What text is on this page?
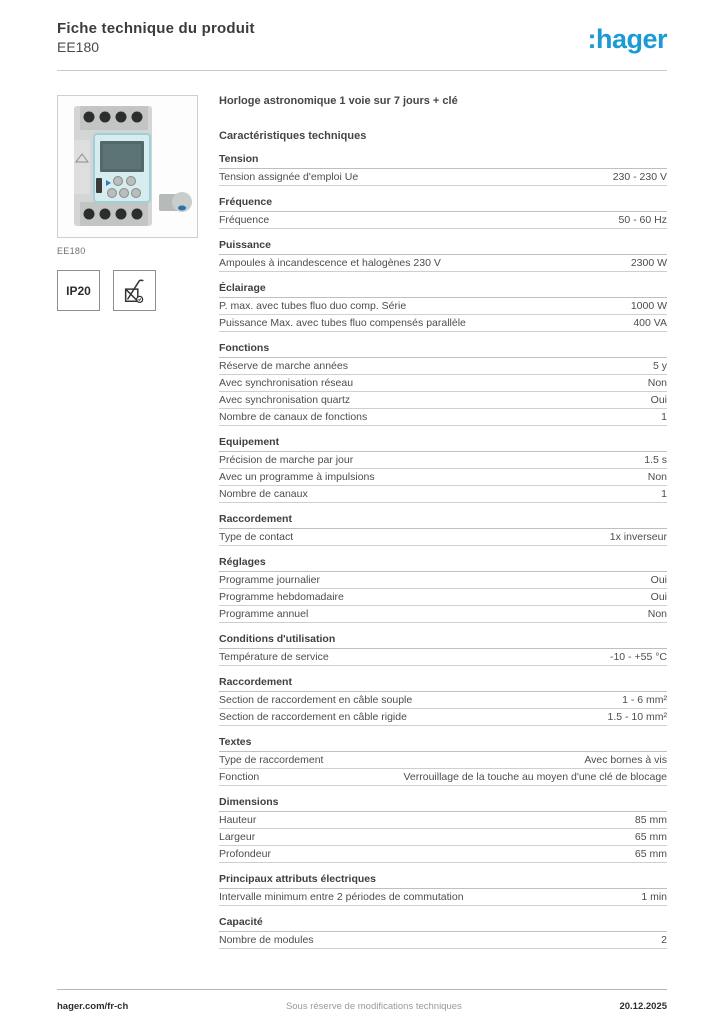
Fiche technique du produit
EE180	:hager
EE180
IP20
Horloge astronomique 1 voie sur 7 jours + clé
Caractéristiques techniques
Tension
Tension assignée d'emploi Ue	230 - 230 V
Fréquence
Fréquence	50 - 60 Hz
Puissance
Ampoules à incandescence et halogènes 230 V	2300 W
Éclairage
P. max. avec tubes fluo duo comp. Série	1000 W
Puissance Max. avec tubes fluo compensés parallèle	400 VA
Fonctions
Réserve de marche années	5 y
Avec synchronisation réseau	Non
Avec synchronisation quartz	Oui
Nombre de canaux de fonctions	1
Equipement
Précision de marche par jour	1.5 s
Avec un programme à impulsions	Non
Nombre de canaux	1
Raccordement
Type de contact	1x inverseur
Réglages
Programme journalier	Oui
Programme hebdomadaire	Oui
Programme annuel	Non
Conditions d'utilisation
Température de service	-10 - +55 °C
Raccordement
Section de raccordement en câble souple	1 - 6 mm²
Section de raccordement en câble rigide	1.5 - 10 mm²
Textes
Type de raccordement	Avec bornes à vis
Fonction	Verrouillage de la touche au moyen d'une clé de blocage
Dimensions
Hauteur	85 mm
Largeur	65 mm
Profondeur	65 mm
Principaux attributs électriques
Intervalle minimum entre 2 périodes de commutation	1 min
Capacité
Nombre de modules	2
hager.com/fr-ch	Sous réserve de modifications techniques	20.12.2025
